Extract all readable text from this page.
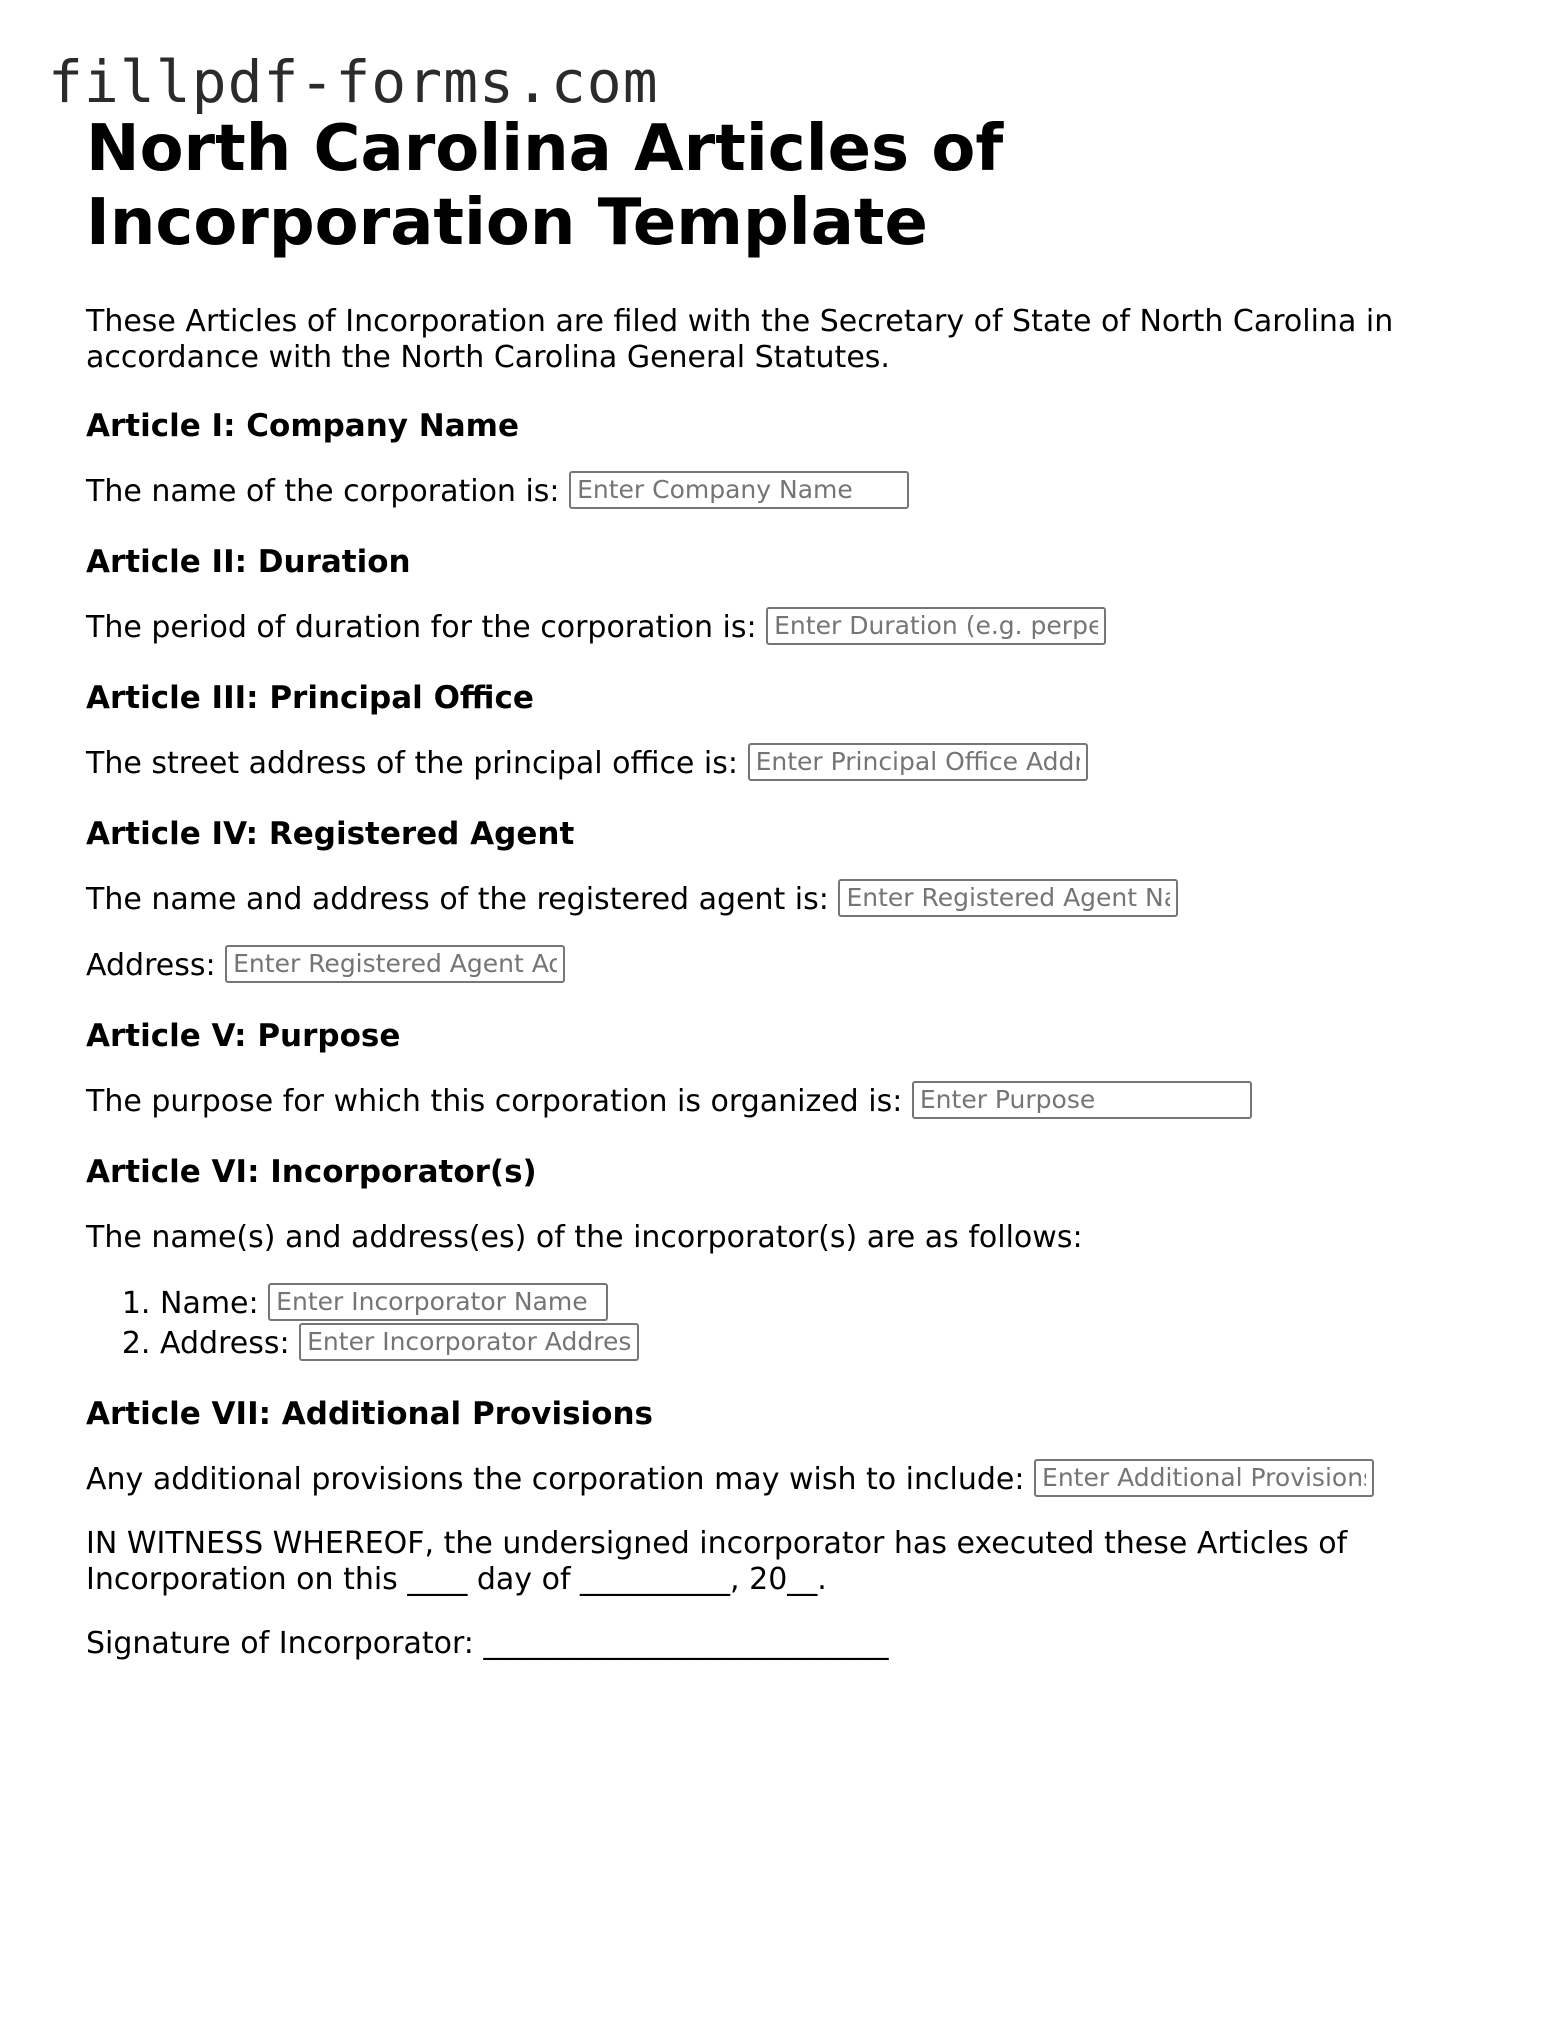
fillpdf-forms.com
North Carolina Articles of Incorporation Template

These Articles of Incorporation are filed with the Secretary of State of North Carolina in accordance with the North Carolina General Statutes.

Article I: Company Name

The name of the corporation is: Enter Company Name

Article II: Duration

The period of duration for the corporation is: Enter Duration (e.g. perpetual)

Article III: Principal Office

The street address of the principal office is: Enter Principal Office Address

Article IV: Registered Agent

The name and address of the registered agent is: Enter Registered Agent Name

Address: Enter Registered Agent Address

Article V: Purpose

The purpose for which this corporation is organized is: Enter Purpose

Article VI: Incorporator(s)

The name(s) and address(es) of the incorporator(s) are as follows:

1. Name: Enter Incorporator Name
2. Address: Enter Incorporator Address
Article VII: Additional Provisions

Any additional provisions the corporation may wish to include: Enter Additional Provisions

IN WITNESS WHEREOF, the undersigned incorporator has executed these Articles of Incorporation on this ____ day of __________, 20__.

Signature of Incorporator: ___________________________
